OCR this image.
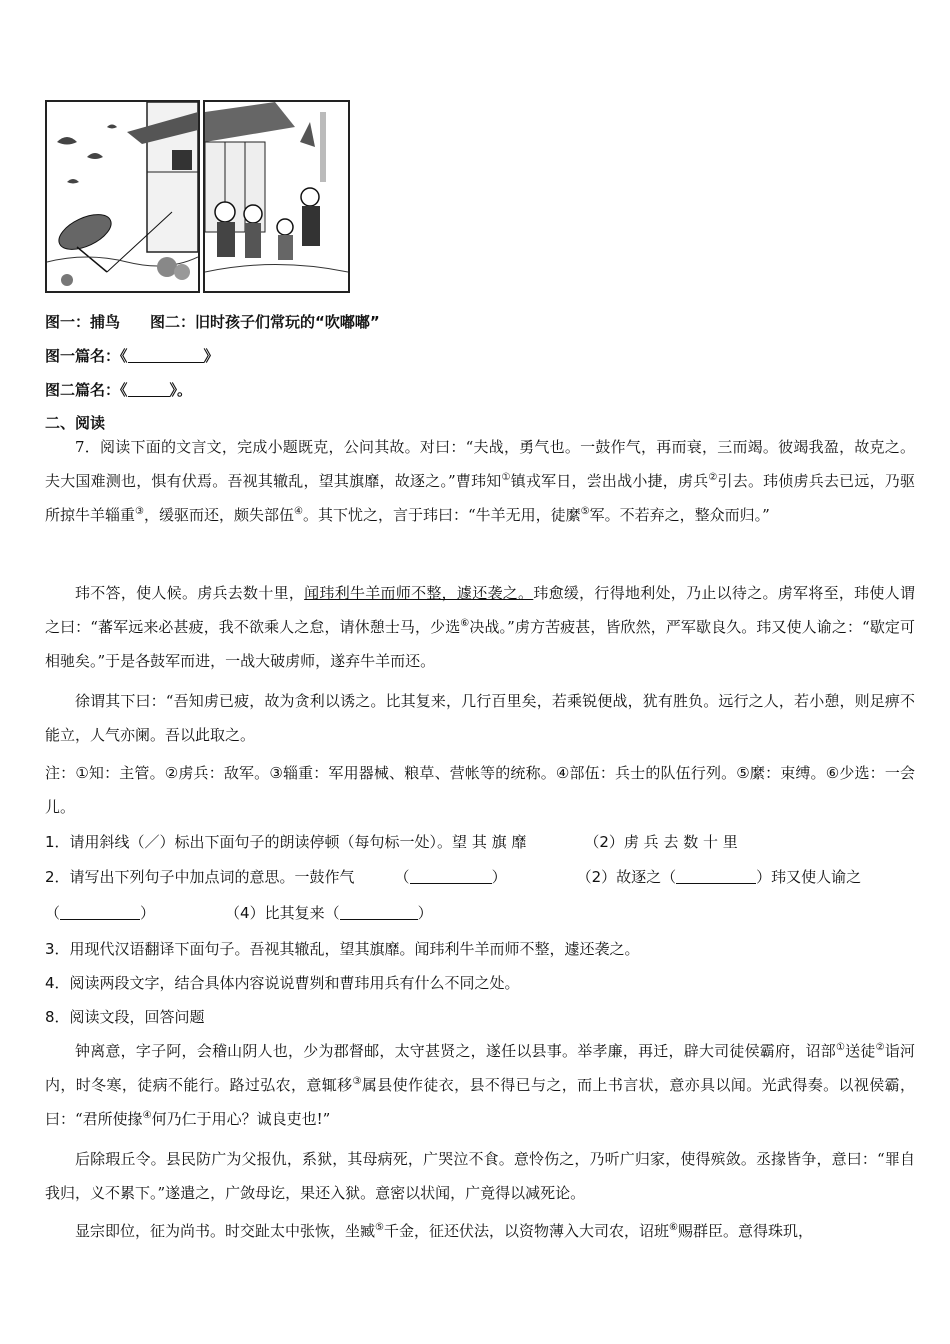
图一：捕鸟　　图二：旧时孩子们常玩的“吹嘟嘟”
图一篇名：《	》
图二篇名：《	》。
二、阅读
7．阅读下面的文言文，完成小题既克，公问其故。对曰：“夫战，勇气也。一鼓作气，再而衰，三而竭。彼竭我盈，故克之。夫大国难测也，惧有伏焉。吾视其辙乱，望其旗靡，故逐之。”曹玮知①镇戎军日，尝出战小捷，虏兵②引去。玮侦虏兵去已远，乃驱所掠牛羊辎重③，缓驱而还，颇失部伍④。其下忧之，言于玮曰：“牛羊无用，徒縻⑤军。不若弃之，整众而归。”
玮不答，使人候。虏兵去数十里，闻玮利牛羊而师不整，遽还袭之。玮愈缓，行得地利处，乃止以待之。虏军将至，玮使人谓之曰：“蕃军远来必甚疲，我不欲乘人之怠，请休憩士马，少选⑥决战。”虏方苦疲甚，皆欣然，严军歇良久。玮又使人谕之：“歇定可相驰矣。”于是各鼓军而进，一战大破虏师，遂弃牛羊而还。
徐谓其下曰：“吾知虏已疲，故为贪利以诱之。比其复来，几行百里矣，若乘锐便战，犹有胜负。远行之人，若小憩，则足痹不能立，人气亦阑。吾以此取之。
注：①知：主管。②虏兵：敌军。③辎重：军用器械、粮草、营帐等的统称。④部伍：兵士的队伍行列。⑤縻：束缚。⑥少选：一会儿。
1．请用斜线（／）标出下面句子的朗读停顿（每句标一处）。望 其 旗 靡	（2）虏 兵 去 数 十 里
2．请写出下列句子中加点词的意思。一鼓作气	（	）	（2）故逐之（	）玮又使人谕之
（	）	（4）比其复来（	）
3．用现代汉语翻译下面句子。吾视其辙乱，望其旗靡。闻玮利牛羊而师不整，遽还袭之。
4．阅读两段文字，结合具体内容说说曹刿和曹玮用兵有什么不同之处。
8．阅读文段，回答问题
钟离意，字子阿，会稽山阴人也，少为郡督邮，太守甚贤之，遂任以县事。举孝廉，再迁，辟大司徒侯霸府，诏部①送徒②诣河内，时冬寒，徒病不能行。路过弘农，意辄移③属县使作徒衣，县不得已与之，而上书言状，意亦具以闻。光武得奏。以视侯霸，曰：“君所使掾④何乃仁于用心？诚良吏也!”
后除瑕丘令。县民防广为父报仇，系狱，其母病死，广哭泣不食。意怜伤之，乃听广归家，使得殡敛。丞掾皆争，意曰：“罪自我归，义不累下。”遂遣之，广敛母讫，果还入狱。意密以状闻，广竟得以减死论。
显宗即位，征为尚书。时交趾太中张恢，坐臧⑤千金，征还伏法，以资物薄入大司农，诏班⑥赐群臣。意得珠玑，
